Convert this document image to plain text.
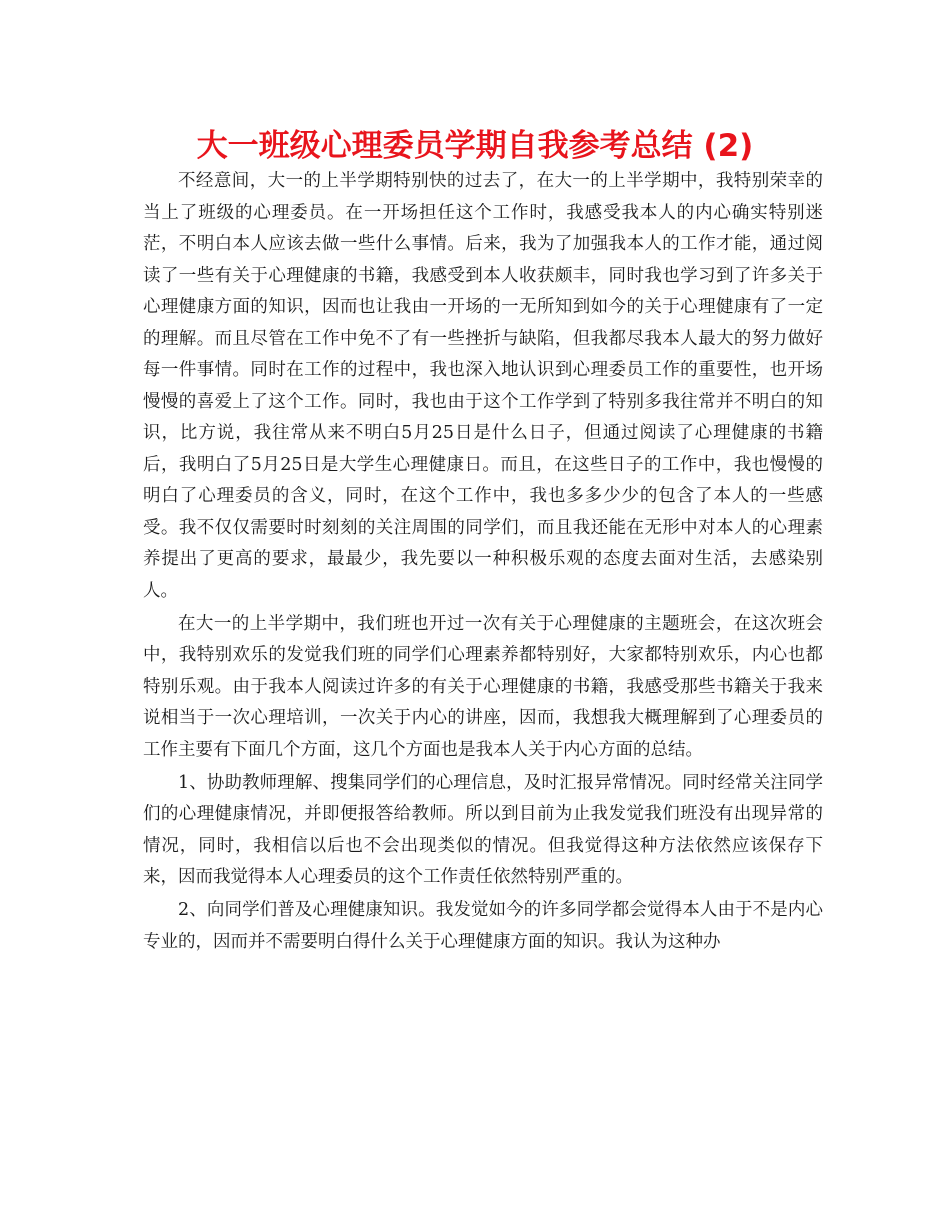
大一班级心理委员学期自我参考总结 (2)

不经意间，大一的上半学期特别快的过去了，在大一的上半学期中，我特别荣幸的当上了班级的心理委员。在一开场担任这个工作时，我感受我本人的内心确实特别迷茫，不明白本人应该去做一些什么事情。后来，我为了加强我本人的工作才能，通过阅读了一些有关于心理健康的书籍，我感受到本人收获颇丰，同时我也学习到了许多关于心理健康方面的知识，因而也让我由一开场的一无所知到如今的关于心理健康有了一定的理解。而且尽管在工作中免不了有一些挫折与缺陷，但我都尽我本人最大的努力做好每一件事情。同时在工作的过程中，我也深入地认识到心理委员工作的重要性，也开场慢慢的喜爱上了这个工作。同时，我也由于这个工作学到了特别多我往常并不明白的知识，比方说，我往常从来不明白5月25日是什么日子，但通过阅读了心理健康的书籍后，我明白了5月25日是大学生心理健康日。而且，在这些日子的工作中，我也慢慢的明白了心理委员的含义，同时，在这个工作中，我也多多少少的包含了本人的一些感受。我不仅仅需要时时刻刻的关注周围的同学们，而且我还能在无形中对本人的心理素养提出了更高的要求，最最少，我先要以一种积极乐观的态度去面对生活，去感染别人。

在大一的上半学期中，我们班也开过一次有关于心理健康的主题班会，在这次班会中，我特别欢乐的发觉我们班的同学们心理素养都特别好，大家都特别欢乐，内心也都特别乐观。由于我本人阅读过许多的有关于心理健康的书籍，我感受那些书籍关于我来说相当于一次心理培训，一次关于内心的讲座，因而，我想我大概理解到了心理委员的工作主要有下面几个方面，这几个方面也是我本人关于内心方面的总结。

1、协助教师理解、搜集同学们的心理信息，及时汇报异常情况。同时经常关注同学们的心理健康情况，并即便报答给教师。所以到目前为止我发觉我们班没有出现异常的情况，同时，我相信以后也不会出现类似的情况。但我觉得这种方法依然应该保存下来，因而我觉得本人心理委员的这个工作责任依然特别严重的。

2、向同学们普及心理健康知识。我发觉如今的许多同学都会觉得本人由于不是内心专业的，因而并不需要明白得什么关于心理健康方面的知识。我认为这种办
